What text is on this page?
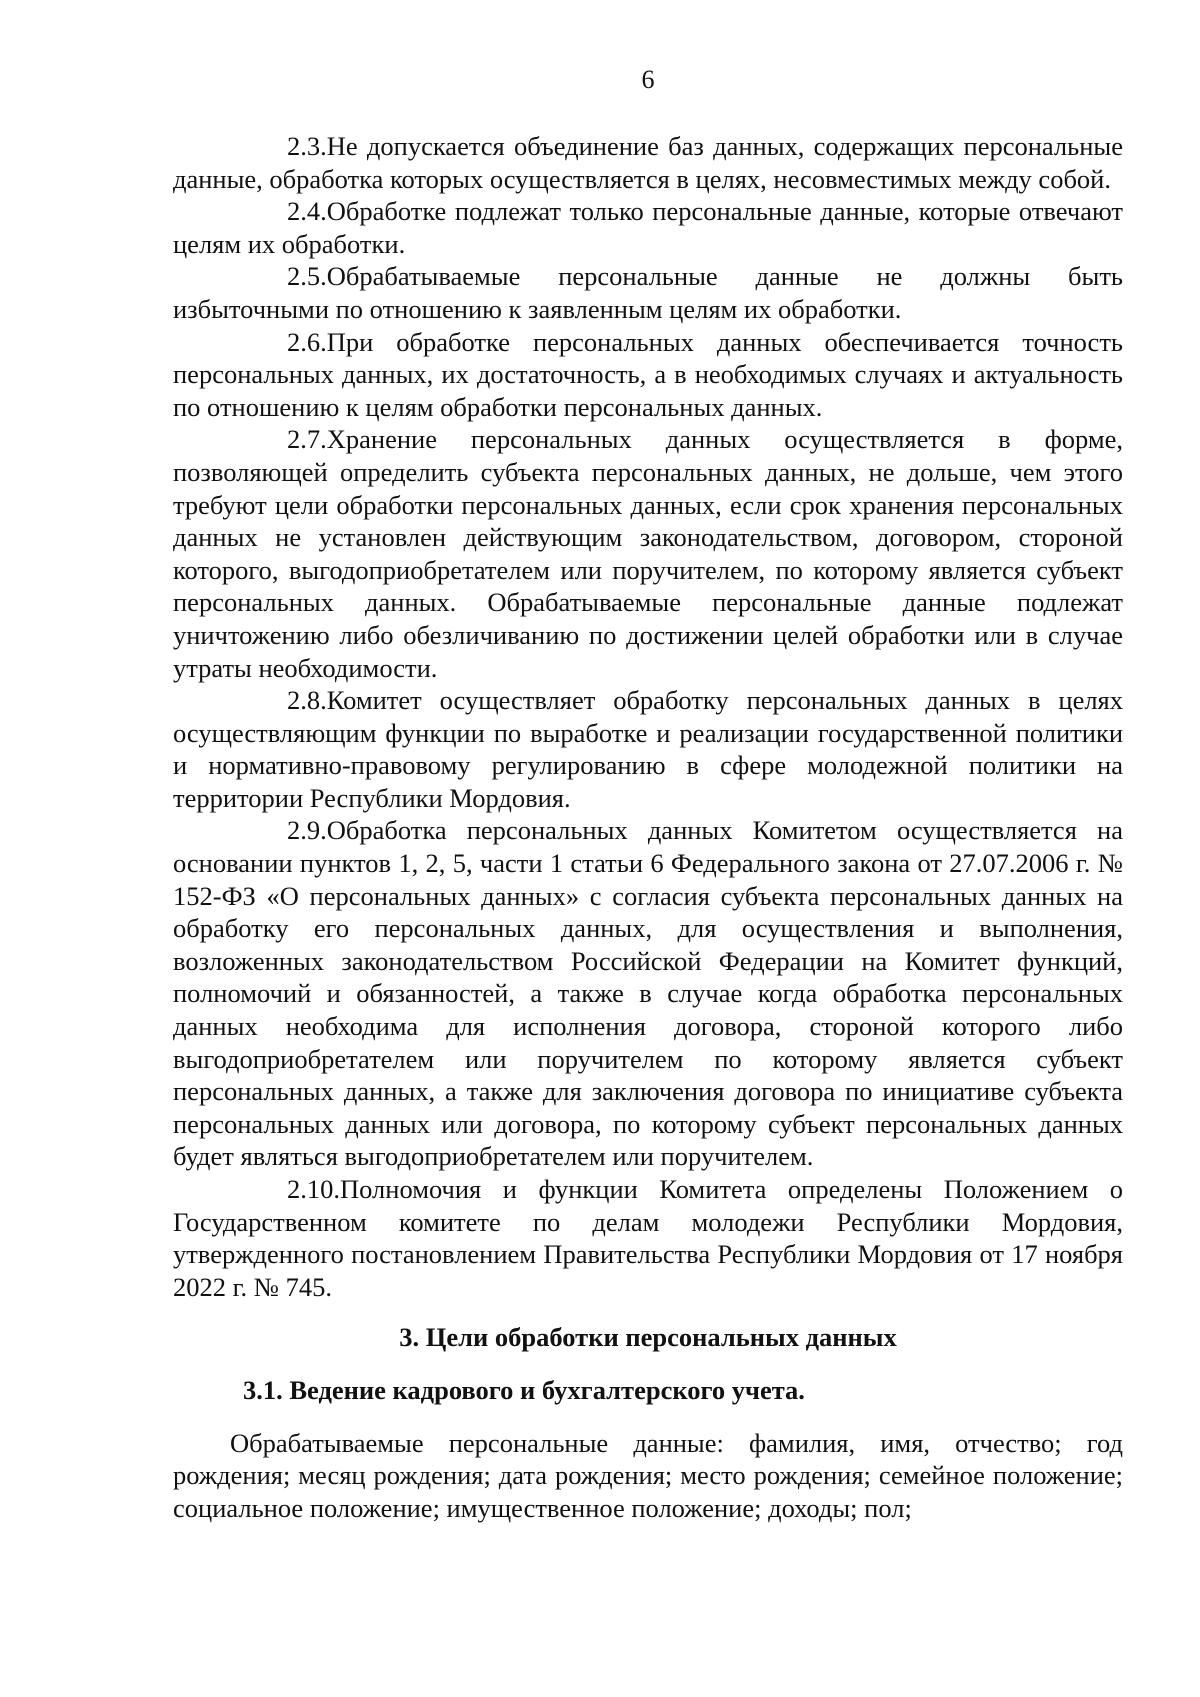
6

2.3.Не допускается объединение баз данных, содержащих персональные данные, обработка которых осуществляется в целях, несовместимых между собой.

2.4.Обработке подлежат только персональные данные, которые отвечают целям их обработки.

2.5.Обрабатываемые персональные данные не должны быть избыточными по отношению к заявленным целям их обработки.

2.6.При обработке персональных данных обеспечивается точность персональных данных, их достаточность, а в необходимых случаях и актуальность по отношению к целям обработки персональных данных.

2.7.Хранение персональных данных осуществляется в форме, позволяющей определить субъекта персональных данных, не дольше, чем этого требуют цели обработки персональных данных, если срок хранения персональных данных не установлен действующим законодательством, договором, стороной которого, выгодоприобретателем или поручителем, по которому является субъект персональных данных. Обрабатываемые персональные данные подлежат уничтожению либо обезличиванию по достижении целей обработки или в случае утраты необходимости.

2.8.Комитет осуществляет обработку персональных данных в целях осуществляющим функции по выработке и реализации государственной политики и нормативно-правовому регулированию в сфере молодежной политики на территории Республики Мордовия.

2.9.Обработка персональных данных Комитетом осуществляется на основании пунктов 1, 2, 5, части 1 статьи 6 Федерального закона от 27.07.2006 г. № 152-ФЗ «О персональных данных» с согласия субъекта персональных данных на обработку его персональных данных, для осуществления и выполнения, возложенных законодательством Российской Федерации на Комитет функций, полномочий и обязанностей, а также в случае когда обработка персональных данных необходима для исполнения договора, стороной которого либо выгодоприобретателем или поручителем по которому является субъект персональных данных, а также для заключения договора по инициативе субъекта персональных данных или договора, по которому субъект персональных данных будет являться выгодоприобретателем или поручителем.

2.10.Полномочия и функции Комитета определены Положением о Государственном комитете по делам молодежи Республики Мордовия, утвержденного постановлением Правительства Республики Мордовия от 17 ноября 2022 г. № 745.

3. Цели обработки персональных данных

3.1. Ведение кадрового и бухгалтерского учета.

Обрабатываемые персональные данные: фамилия, имя, отчество; год рождения; месяц рождения; дата рождения; место рождения; семейное положение; социальное положение; имущественное положение; доходы; пол;
